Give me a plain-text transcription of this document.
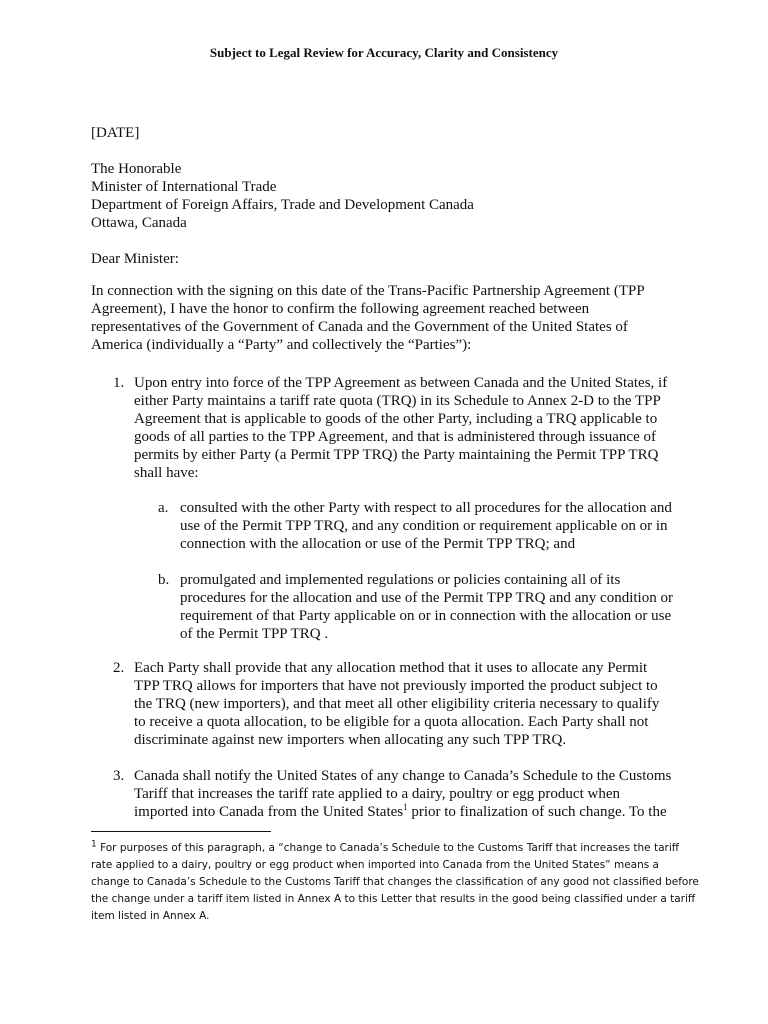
Subject to Legal Review for Accuracy, Clarity and Consistency
[DATE]
The Honorable
Minister of International Trade
Department of Foreign Affairs, Trade and Development Canada
Ottawa, Canada
Dear Minister:
In connection with the signing on this date of the Trans-Pacific Partnership Agreement (TPP
Agreement), I have the honor to confirm the following agreement reached between
representatives of the Government of Canada and the Government of the United States of
America (individually a “Party” and collectively the “Parties”):
1. Upon entry into force of the TPP Agreement as between Canada and the United States, if
either Party maintains a tariff rate quota (TRQ) in its Schedule to Annex 2-D to the TPP
Agreement that is applicable to goods of the other Party, including a TRQ applicable to
goods of all parties to the TPP Agreement, and that is administered through issuance of
permits by either Party (a Permit TPP TRQ) the Party maintaining the Permit TPP TRQ
shall have:
a. consulted with the other Party with respect to all procedures for the allocation and
use of the Permit TPP TRQ, and any condition or requirement applicable on or in
connection with the allocation or use of the Permit TPP TRQ; and
b. promulgated and implemented regulations or policies containing all of its
procedures for the allocation and use of the Permit TPP TRQ and any condition or
requirement of that Party applicable on or in connection with the allocation or use
of the Permit TPP TRQ .
2. Each Party shall provide that any allocation method that it uses to allocate any Permit
TPP TRQ allows for importers that have not previously imported the product subject to
the TRQ (new importers), and that meet all other eligibility criteria necessary to qualify
to receive a quota allocation, to be eligible for a quota allocation. Each Party shall not
discriminate against new importers when allocating any such TPP TRQ.
3. Canada shall notify the United States of any change to Canada’s Schedule to the Customs
Tariff that increases the tariff rate applied to a dairy, poultry or egg product when
imported into Canada from the United States$^1$ prior to finalization of such change. To the
$^1$ For purposes of this paragraph, a “change to Canada’s Schedule to the Customs Tariff that increases the tariff
rate applied to a dairy, poultry or egg product when imported into Canada from the United States” means a
change to Canada’s Schedule to the Customs Tariff that changes the classification of any good not classified before
the change under a tariff item listed in Annex A to this Letter that results in the good being classified under a tariff
item listed in Annex A.
